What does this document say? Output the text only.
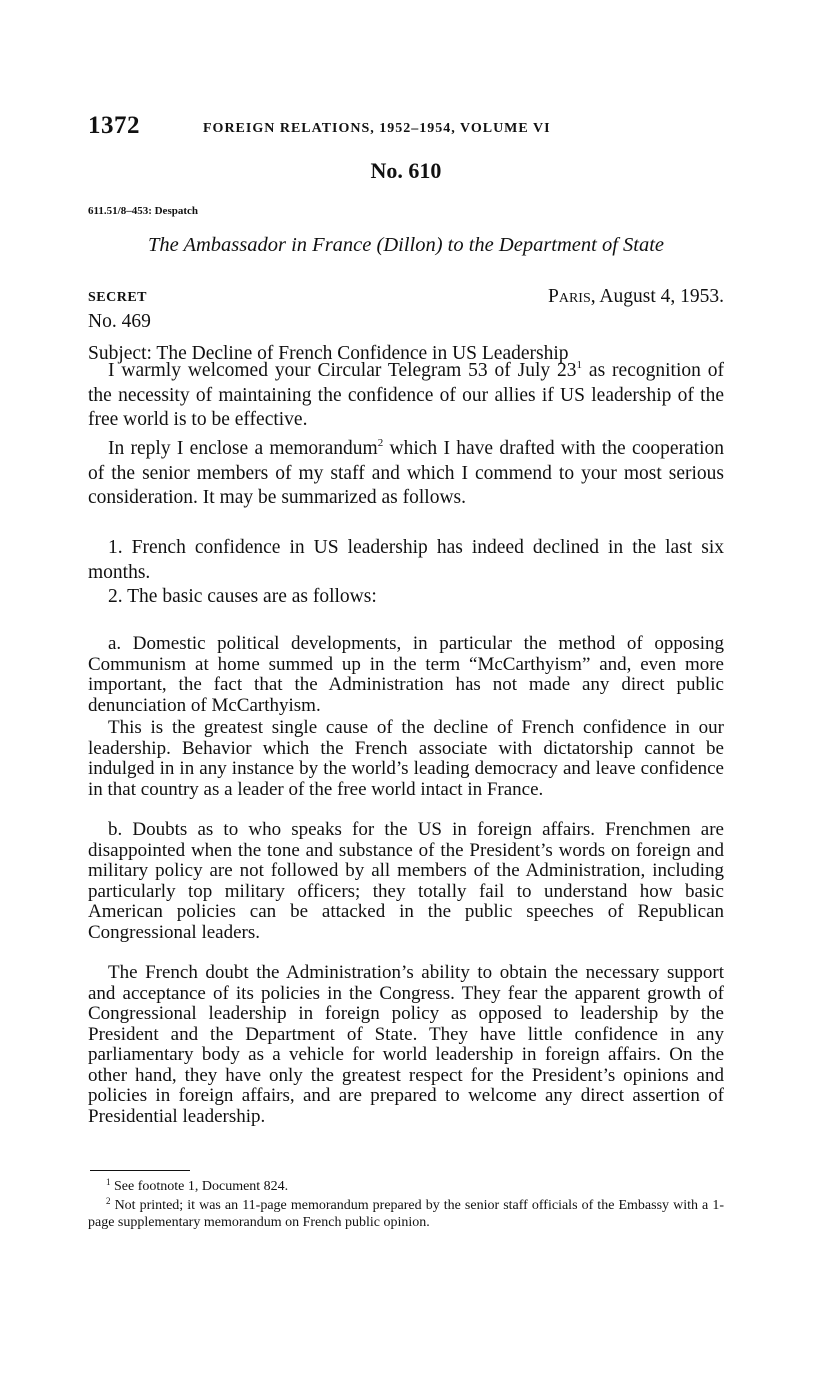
1372	FOREIGN RELATIONS, 1952–1954, VOLUME VI
No. 610
611.51/8–453: Despatch
The Ambassador in France (Dillon) to the Department of State
SECRET	Paris, August 4, 1953.
No. 469
Subject: The Decline of French Confidence in US Leadership

I warmly welcomed your Circular Telegram 53 of July $23^1$ as recognition of the necessity of maintaining the confidence of our allies if US leadership of the free world is to be effective.

In reply I enclose a memorandum$^2$ which I have drafted with the cooperation of the senior members of my staff and which I commend to your most serious consideration. It may be summarized as follows.

1. French confidence in US leadership has indeed declined in the last six months.

2. The basic causes are as follows:

a. Domestic political developments, in particular the method of opposing Communism at home summed up in the term “McCarthyism” and, even more important, the fact that the Administration has not made any direct public denunciation of McCarthyism.

This is the greatest single cause of the decline of French confidence in our leadership. Behavior which the French associate with dictatorship cannot be indulged in in any instance by the world’s leading democracy and leave confidence in that country as a leader of the free world intact in France.

b. Doubts as to who speaks for the US in foreign affairs. Frenchmen are disappointed when the tone and substance of the President’s words on foreign and military policy are not followed by all members of the Administration, including particularly top military officers; they totally fail to understand how basic American policies can be attacked in the public speeches of Republican Congressional leaders.

The French doubt the Administration’s ability to obtain the necessary support and acceptance of its policies in the Congress. They fear the apparent growth of Congressional leadership in foreign policy as opposed to leadership by the President and the Department of State. They have little confidence in any parliamentary body as a vehicle for world leadership in foreign affairs. On the other hand, they have only the greatest respect for the President’s opinions and policies in foreign affairs, and are prepared to welcome any direct assertion of Presidential leadership.

$^1$ See footnote 1, Document 824.

$^2$ Not printed; it was an 11-page memorandum prepared by the senior staff officials of the Embassy with a 1-page supplementary memorandum on French public opinion.
